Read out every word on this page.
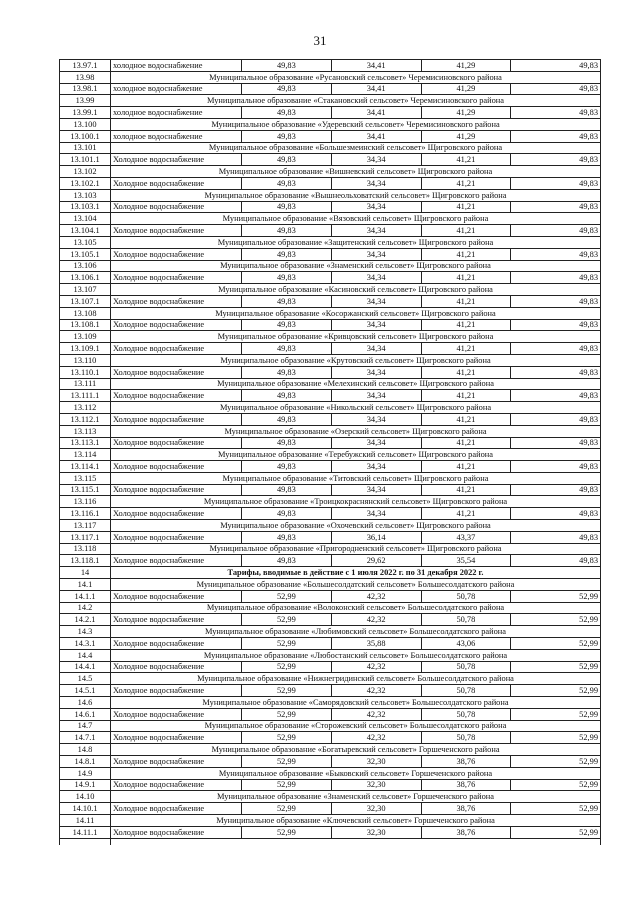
31
13.97.1	холодное водоснабжение	49,83	34,41	41,29	49,83
13.98	Муниципальное образование «Русановский сельсовет» Черемисиновского района				
13.98.1	холодное водоснабжение	49,83	34,41	41,29	49,83
13.99	Муниципальное образование «Стакановский сельсовет» Черемисиновского района				
13.99.1	холодное водоснабжение	49,83	34,41	41,29	49,83
13.100	Муниципальное образование «Удеревский сельсовет» Черемисиновского района				
13.100.1	холодное водоснабжение	49,83	34,41	41,29	49,83
13.101	Муниципальное образование «Большезмеинский сельсовет» Щигровского района				
13.101.1	Холодное водоснабжение	49,83	34,34	41,21	49,83
13.102	Муниципальное образование «Вишневский сельсовет» Щигровского района				
13.102.1	Холодное водоснабжение	49,83	34,34	41,21	49,83
13.103	Муниципальное образование «Вышнеольховатский сельсовет» Щигровского района				
13.103.1	Холодное водоснабжение	49,83	34,34	41,21	49,83
13.104	Муниципальное образование «Вязовский сельсовет» Щигровского района				
13.104.1	Холодное водоснабжение	49,83	34,34	41,21	49,83
13.105	Муниципальное образование «Защитенский сельсовет» Щигровского района				
13.105.1	Холодное водоснабжение	49,83	34,34	41,21	49,83
13.106	Муниципальное образование «Знаменский сельсовет» Щигровского района				
13.106.1	Холодное водоснабжение	49,83	34,34	41,21	49,83
13.107	Муниципальное образование «Касиновский сельсовет» Щигровского района				
13.107.1	Холодное водоснабжение	49,83	34,34	41,21	49,83
13.108	Муниципальное образование «Косоржанский сельсовет» Щигровского района				
13.108.1	Холодное водоснабжение	49,83	34,34	41,21	49,83
13.109	Муниципальное образование «Кривцовский сельсовет» Щигровского района				
13.109.1	Холодное водоснабжение	49,83	34,34	41,21	49,83
13.110	Муниципальное образование «Крутовский сельсовет» Щигровского района				
13.110.1	Холодное водоснабжение	49,83	34,34	41,21	49,83
13.111	Муниципальное образование «Мелехинский сельсовет» Щигровского района				
13.111.1	Холодное водоснабжение	49,83	34,34	41,21	49,83
13.112	Муниципальное образование «Никольский сельсовет» Щигровского района				
13.112.1	Холодное водоснабжение	49,83	34,34	41,21	49,83
13.113	Муниципальное образование «Озерский сельсовет» Щигровского района				
13.113.1	Холодное водоснабжение	49,83	34,34	41,21	49,83
13.114	Муниципальное образование «Теребужский сельсовет» Щигровского района				
13.114.1	Холодное водоснабжение	49,83	34,34	41,21	49,83
13.115	Муниципальное образование «Титовский сельсовет» Щигровского района				
13.115.1	Холодное водоснабжение	49,83	34,34	41,21	49,83
13.116	Муниципальное образование «Троицкокраснянский сельсовет» Щигровского района				
13.116.1	Холодное водоснабжение	49,83	34,34	41,21	49,83
13.117	Муниципальное образование «Охочевский сельсовет» Щигровского района				
13.117.1	Холодное водоснабжение	49,83	36,14	43,37	49,83
13.118	Муниципальное образование «Пригородненский сельсовет» Щигровского района				
13.118.1	Холодное водоснабжение	49,83	29,62	35,54	49,83
14	Тарифы, вводимые в действие с 1 июля 2022 г. по 31 декабря 2022 г.				
14.1	Муниципальное образование «Большесолдатский сельсовет» Большесолдатского района				
14.1.1	Холодное водоснабжение	52,99	42,32	50,78	52,99
14.2	Муниципальное образование «Волоконский сельсовет» Большесолдатского района				
14.2.1	Холодное водоснабжение	52,99	42,32	50,78	52,99
14.3	Муниципальное образование «Любимовский сельсовет» Большесолдатского района				
14.3.1	Холодное водоснабжение	52,99	35,88	43,06	52,99
14.4	Муниципальное образование «Любостанский сельсовет» Большесолдатского района				
14.4.1	Холодное водоснабжение	52,99	42,32	50,78	52,99
14.5	Муниципальное образование «Нижнегридинский сельсовет» Большесолдатского района				
14.5.1	Холодное водоснабжение	52,99	42,32	50,78	52,99
14.6	Муниципальное образование «Саморядовский сельсовет» Большесолдатского района				
14.6.1	Холодное водоснабжение	52,99	42,32	50,78	52,99
14.7	Муниципальное образование «Сторожевский сельсовет» Большесолдатского района				
14.7.1	Холодное водоснабжение	52,99	42,32	50,78	52,99
14.8	Муниципальное образование «Богатыревский сельсовет» Горшеченского района				
14.8.1	Холодное водоснабжение	52,99	32,30	38,76	52,99
14.9	Муниципальное образование «Быковский сельсовет» Горшеченского района				
14.9.1	Холодное водоснабжение	52,99	32,30	38,76	52,99
14.10	Муниципальное образование «Знаменский сельсовет» Горшеченского района				
14.10.1	Холодное водоснабжение	52,99	32,30	38,76	52,99
14.11	Муниципальное образование «Ключевский сельсовет» Горшеченского района				
14.11.1	Холодное водоснабжение	52,99	32,30	38,76	52,99
